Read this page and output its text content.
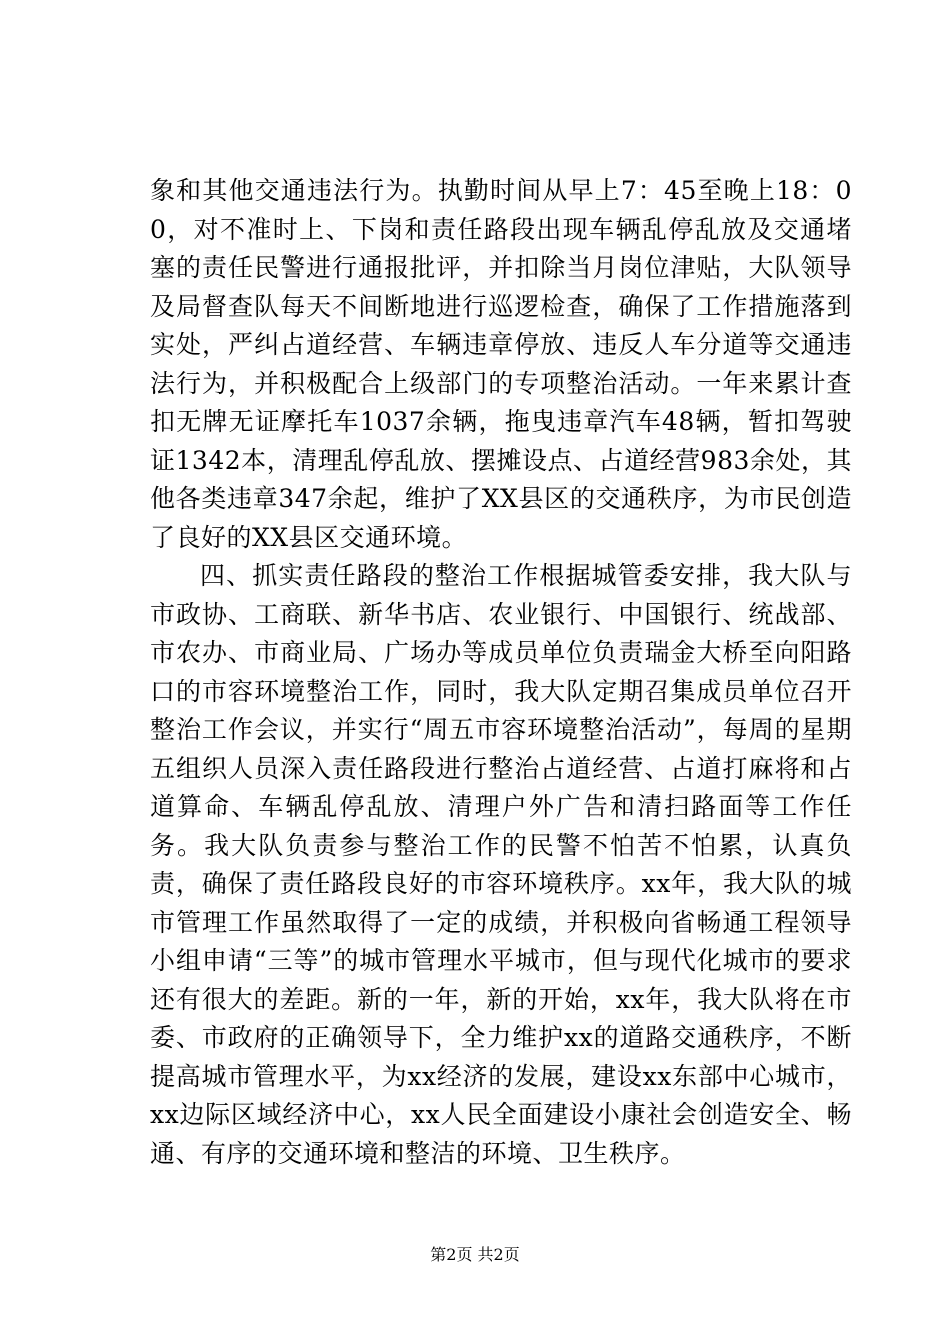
象和其他交通违法行为。执勤时间从早上7：45至晚上18：00，对不准时上、下岗和责任路段出现车辆乱停乱放及交通堵塞的责任民警进行通报批评，并扣除当月岗位津贴，大队领导及局督查队每天不间断地进行巡逻检查，确保了工作措施落到实处，严纠占道经营、车辆违章停放、违反人车分道等交通违法行为，并积极配合上级部门的专项整治活动。一年来累计查扣无牌无证摩托车1037余辆，拖曳违章汽车48辆，暂扣驾驶证1342本，清理乱停乱放、摆摊设点、占道经营983余处，其他各类违章347余起，维护了XX县区的交通秩序，为市民创造了良好的XX县区交通环境。

四、抓实责任路段的整治工作根据城管委安排，我大队与市政协、工商联、新华书店、农业银行、中国银行、统战部、市农办、市商业局、广场办等成员单位负责瑞金大桥至向阳路口的市容环境整治工作，同时，我大队定期召集成员单位召开整治工作会议，并实行“周五市容环境整治活动”，每周的星期五组织人员深入责任路段进行整治占道经营、占道打麻将和占道算命、车辆乱停乱放、清理户外广告和清扫路面等工作任务。我大队负责参与整治工作的民警不怕苦不怕累，认真负责，确保了责任路段良好的市容环境秩序。xx年，我大队的城市管理工作虽然取得了一定的成绩，并积极向省畅通工程领导小组申请“三等”的城市管理水平城市，但与现代化城市的要求还有很大的差距。新的一年，新的开始，xx年，我大队将在市委、市政府的正确领导下，全力维护xx的道路交通秩序，不断提高城市管理水平，为xx经济的发展，建设xx东部中心城市，xx边际区域经济中心，xx人民全面建设小康社会创造安全、畅通、有序的交通环境和整洁的环境、卫生秩序。

第2页 共2页
